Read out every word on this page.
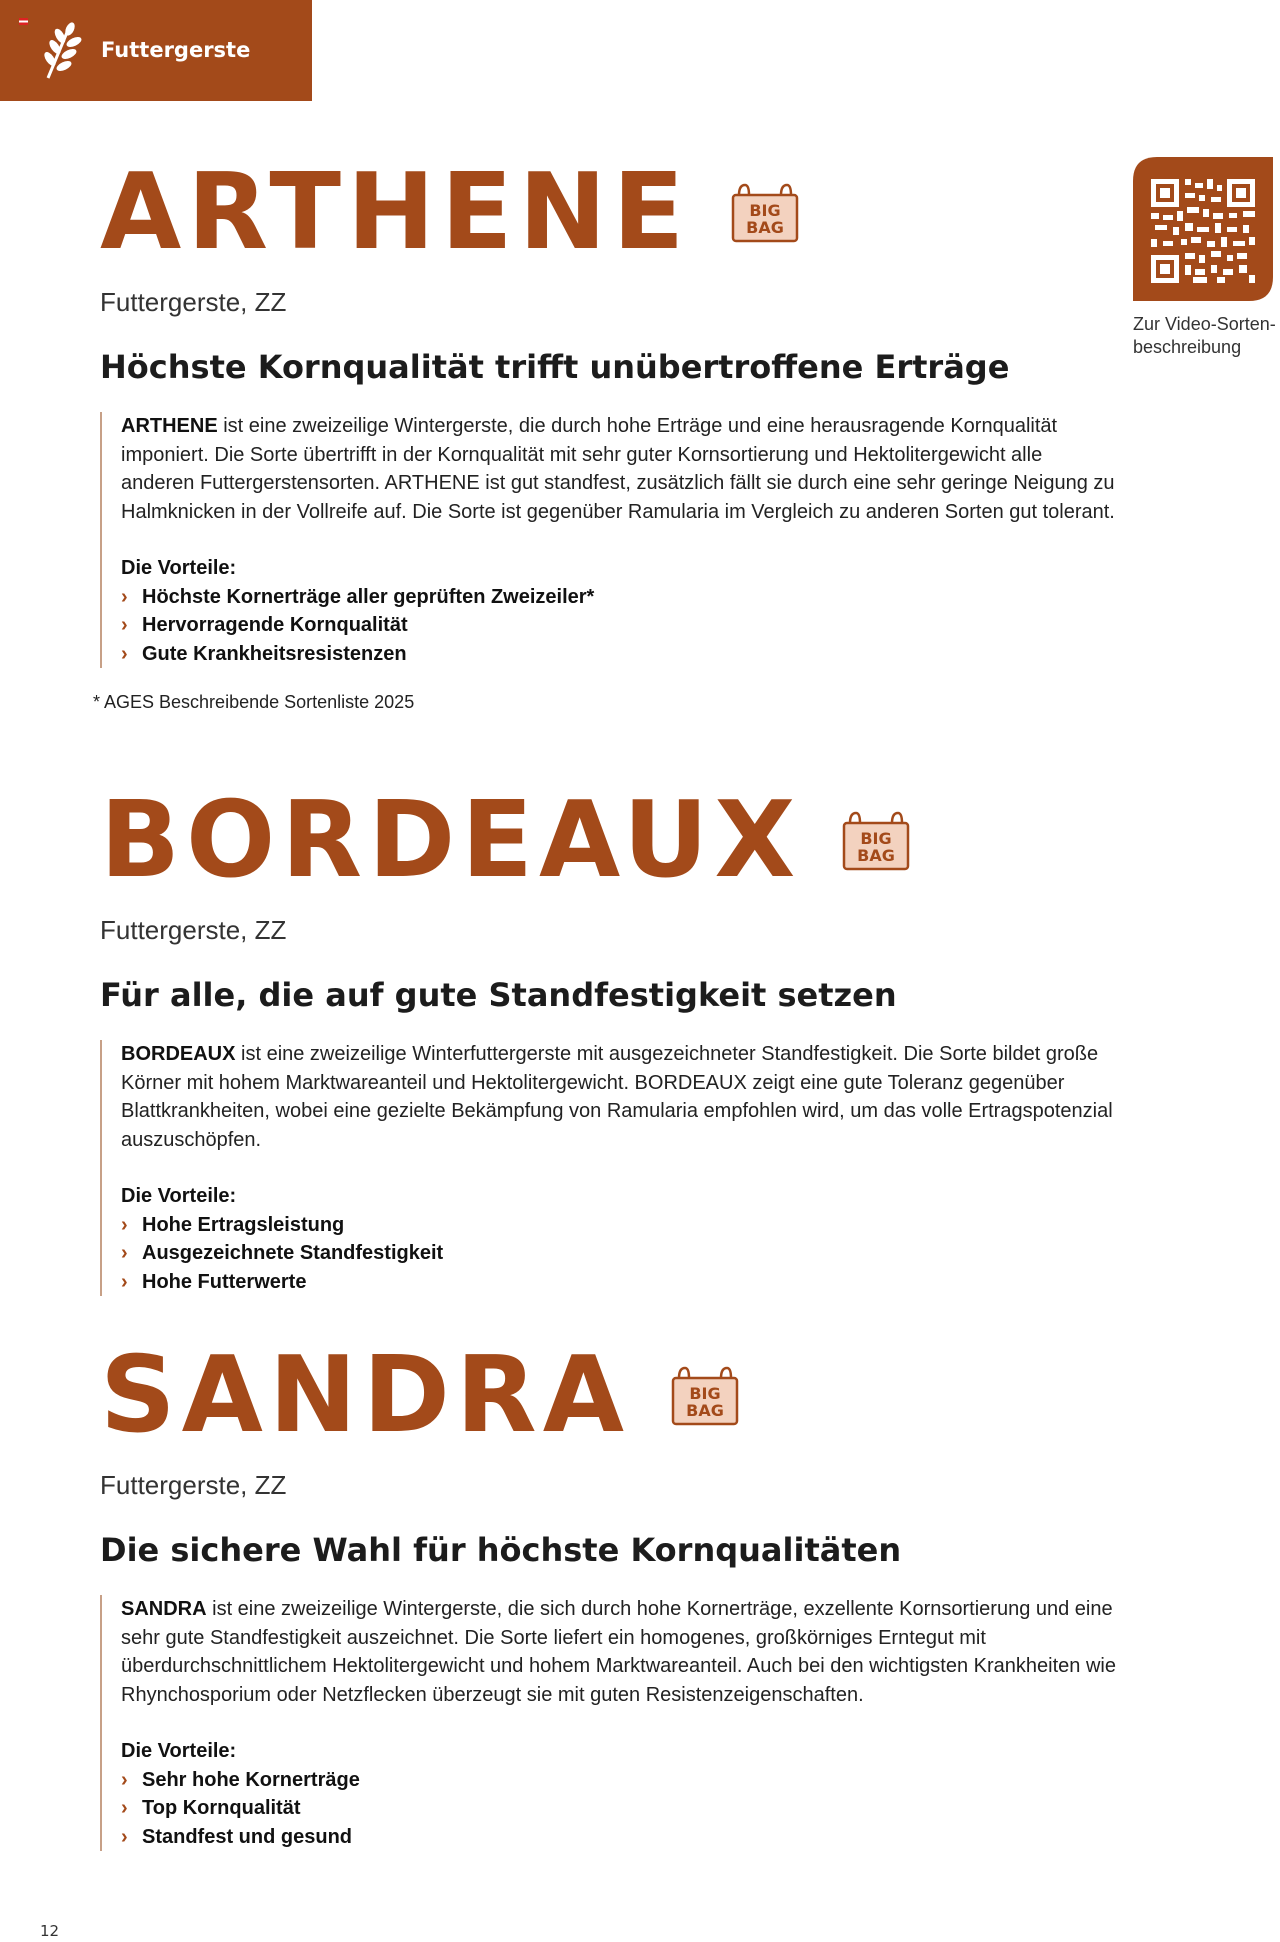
Futtergerste
Zur Video-Sorten-beschreibung
ARTHENE	BIG
BAG
Futtergerste, ZZ
Höchste Kornqualität trifft unübertroffene Erträge

ARTHENE ist eine zweizeilige Wintergerste, die durch hohe Erträge und eine herausragende Kornqualität imponiert. Die Sorte übertrifft in der Kornqualität mit sehr guter Kornsortierung und Hektolitergewicht alle anderen Futtergerstensorten. ARTHENE ist gut standfest, zusätzlich fällt sie durch eine sehr geringe Neigung zu Halmknicken in der Vollreife auf. Die Sorte ist gegenüber Ramularia im Vergleich zu anderen Sorten gut tolerant.

Die Vorteile:
› Höchste Kornerträge aller geprüften Zweizeiler*
› Hervorragende Kornqualität
› Gute Krankheitsresistenzen
* AGES Beschreibende Sortenliste 2025
BORDEAUX	BIG
BAG
Futtergerste, ZZ
Für alle, die auf gute Standfestigkeit setzen

BORDEAUX ist eine zweizeilige Winterfuttergerste mit ausgezeichneter Standfestigkeit. Die Sorte bildet große Körner mit hohem Marktwareanteil und Hektolitergewicht. BORDEAUX zeigt eine gute Toleranz gegenüber Blattkrankheiten, wobei eine gezielte Bekämpfung von Ramularia empfohlen wird, um das volle Ertragspotenzial auszuschöpfen.

Die Vorteile:
› Hohe Ertragsleistung
› Ausgezeichnete Standfestigkeit
› Hohe Futterwerte
SANDRA	BIG
BAG
Futtergerste, ZZ
Die sichere Wahl für höchste Kornqualitäten

SANDRA ist eine zweizeilige Wintergerste, die sich durch hohe Kornerträge, exzellente Kornsortierung und eine sehr gute Standfestigkeit auszeichnet. Die Sorte liefert ein homogenes, großkörniges Erntegut mit überdurchschnittlichem Hektolitergewicht und hohem Marktwareanteil. Auch bei den wichtigsten Krankheiten wie Rhynchosporium oder Netzflecken überzeugt sie mit guten Resistenzeigenschaften.

Die Vorteile:
› Sehr hohe Kornerträge
› Top Kornqualität
› Standfest und gesund
12
